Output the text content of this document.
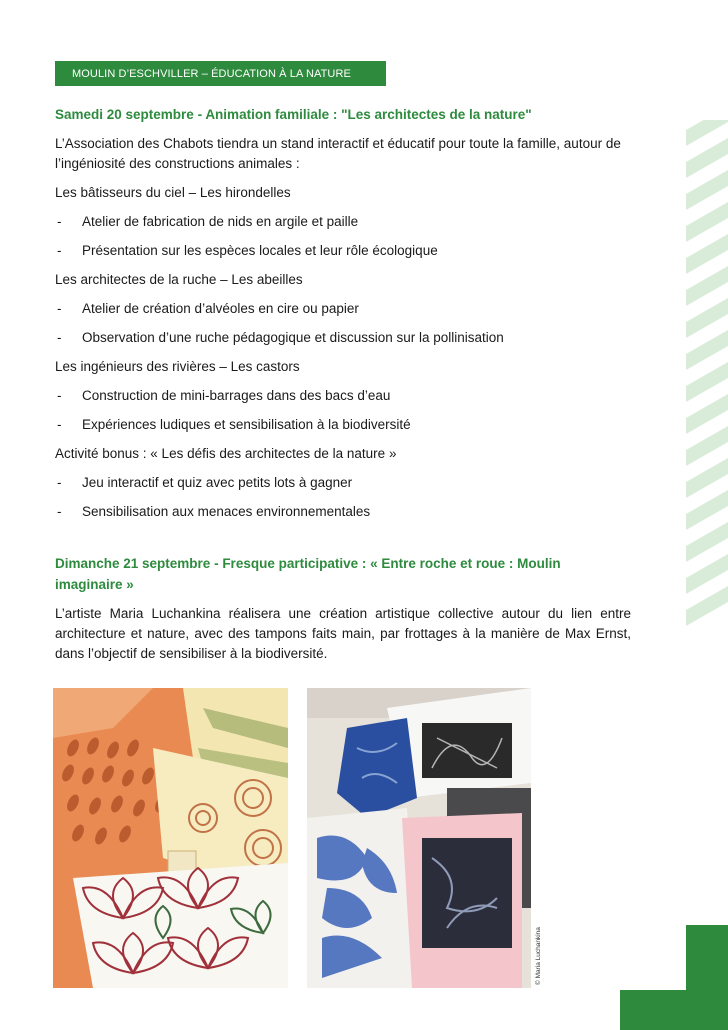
MOULIN D’ESCHVILLER – ÉDUCATION À LA NATURE

Samedi 20 septembre - Animation familiale : "Les architectes de la nature"

L’Association des Chabots tiendra un stand interactif et éducatif pour toute la famille, autour de l’ingéniosité des constructions animales :

Les bâtisseurs du ciel – Les hirondelles

- Atelier de fabrication de nids en argile et paille
- Présentation sur les espèces locales et leur rôle écologique

Les architectes de la ruche – Les abeilles

- Atelier de création d’alvéoles en cire ou papier
- Observation d’une ruche pédagogique et discussion sur la pollinisation

Les ingénieurs des rivières – Les castors

- Construction de mini-barrages dans des bacs d’eau
- Expériences ludiques et sensibilisation à la biodiversité

Activité bonus : « Les défis des architectes de la nature »

- Jeu interactif et quiz avec petits lots à gagner
- Sensibilisation aux menaces environnementales

Dimanche 21 septembre - Fresque participative : « Entre roche et roue : Moulin imaginaire »

L’artiste Maria Luchankina réalisera une création artistique collective autour du lien entre architecture et nature, avec des tampons faits main, par frottages à la manière de Max Ernst, dans l’objectif de sensibiliser à la biodiversité.

© Maria Luchankina
